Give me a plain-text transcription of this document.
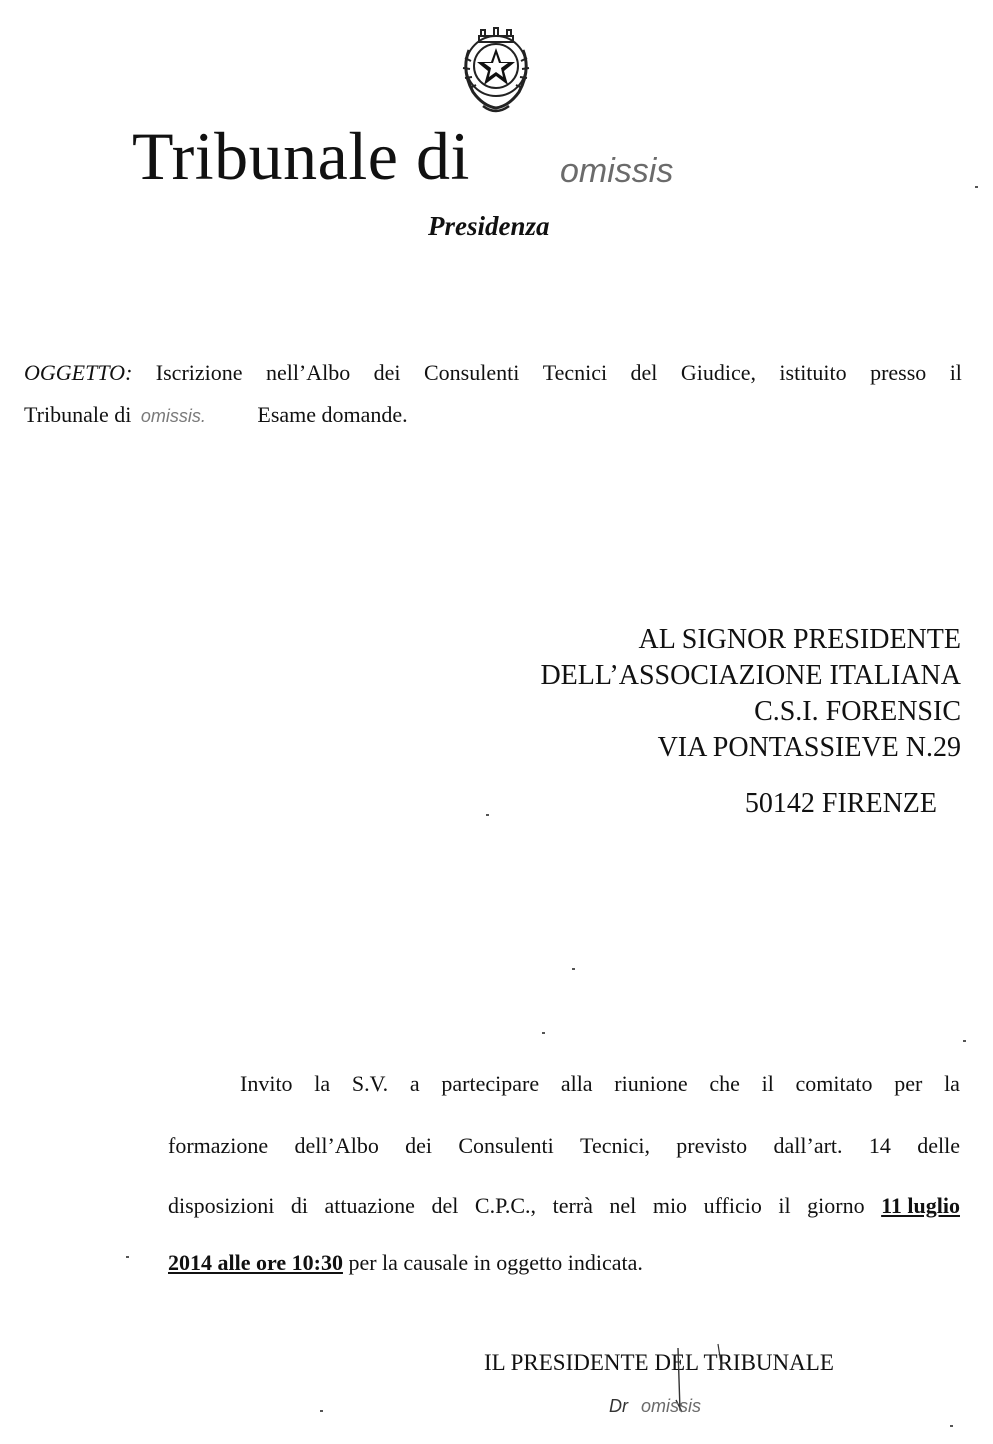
Tribunale di	omissis
Presidenza
OGGETTO: Iscrizione nell’Albo dei Consulenti Tecnici del Giudice, istituito presso il
Tribunale di omissis. Esame domande.
AL SIGNOR PRESIDENTE
DELL’ASSOCIAZIONE ITALIANA
C.S.I. FORENSIC
VIA PONTASSIEVE N.29
50142 FIRENZE
Invito la S.V. a partecipare alla riunione che il comitato per la
formazione dell’Albo dei Consulenti Tecnici, previsto dall’art. 14 delle
disposizioni di attuazione del C.P.C., terrà nel mio ufficio il giorno 11 luglio
2014 alle ore 10:30 per la causale in oggetto indicata.
IL PRESIDENTE DEL TRIBUNALE
Dr omissis
